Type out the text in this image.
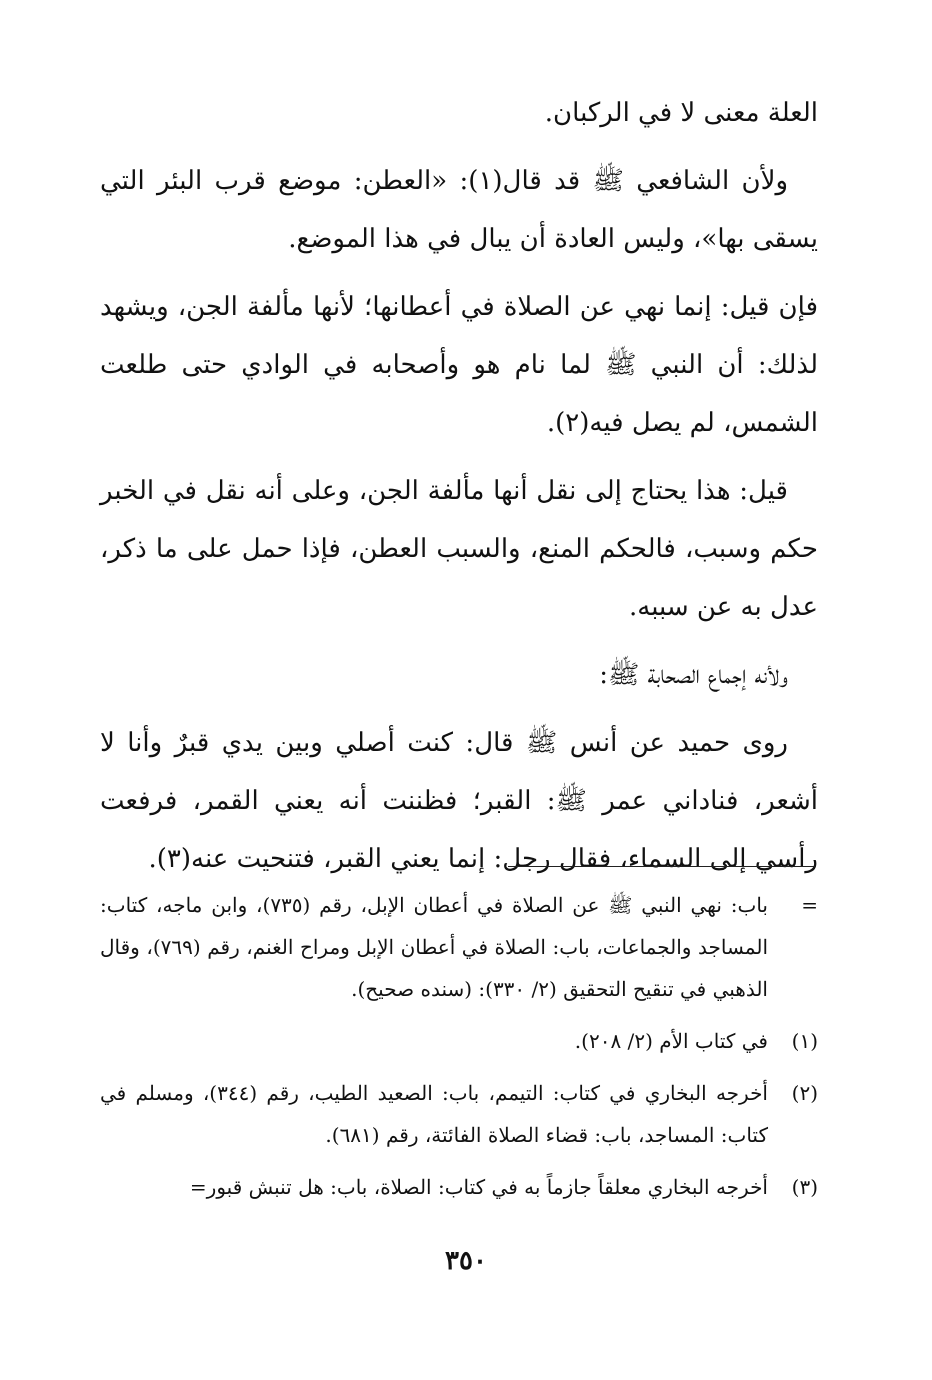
العلة معنى لا في الركبان.

ولأن الشافعي ﷺ قد قال(١): «العطن: موضع قرب البئر التي يسقى بها»، وليس العادة أن يبال في هذا الموضع.

فإن قيل: إنما نهي عن الصلاة في أعطانها؛ لأنها مألفة الجن، ويشهد لذلك: أن النبي ﷺ لما نام هو وأصحابه في الوادي حتى طلعت الشمس، لم يصل فيه(٢).

قيل: هذا يحتاج إلى نقل أنها مألفة الجن، وعلى أنه نقل في الخبر حكم وسبب، فالحكم المنع، والسبب العطن، فإذا حمل على ما ذكر، عدل به عن سببه.

ولأنه إجماع الصحابة ﷺ:

روى حميد عن أنس ﷺ قال: كنت أصلي وبين يدي قبرٌ وأنا لا أشعر، فناداني عمر ﷺ: القبر؛ فظننت أنه يعني القمر، فرفعت رأسي إلى السماء، فقال رجل: إنما يعني القبر، فتنحيت عنه(٣).

=
باب: نهي النبي ﷺ عن الصلاة في أعطان الإبل، رقم (٧٣٥)، وابن ماجه، كتاب: المساجد والجماعات، باب: الصلاة في أعطان الإبل ومراح الغنم، رقم (٧٦٩)، وقال الذهبي في تنقيح التحقيق (٢/ ٣٣٠): (سنده صحيح).
(١)
في كتاب الأم (٢/ ٢٠٨).
(٢)
أخرجه البخاري في كتاب: التيمم، باب: الصعيد الطيب، رقم (٣٤٤)، ومسلم في كتاب: المساجد، باب: قضاء الصلاة الفائتة، رقم (٦٨١).
(٣)
أخرجه البخاري معلقاً جازماً به في كتاب: الصلاة، باب: هل تنبش قبور=
٣٥٠
